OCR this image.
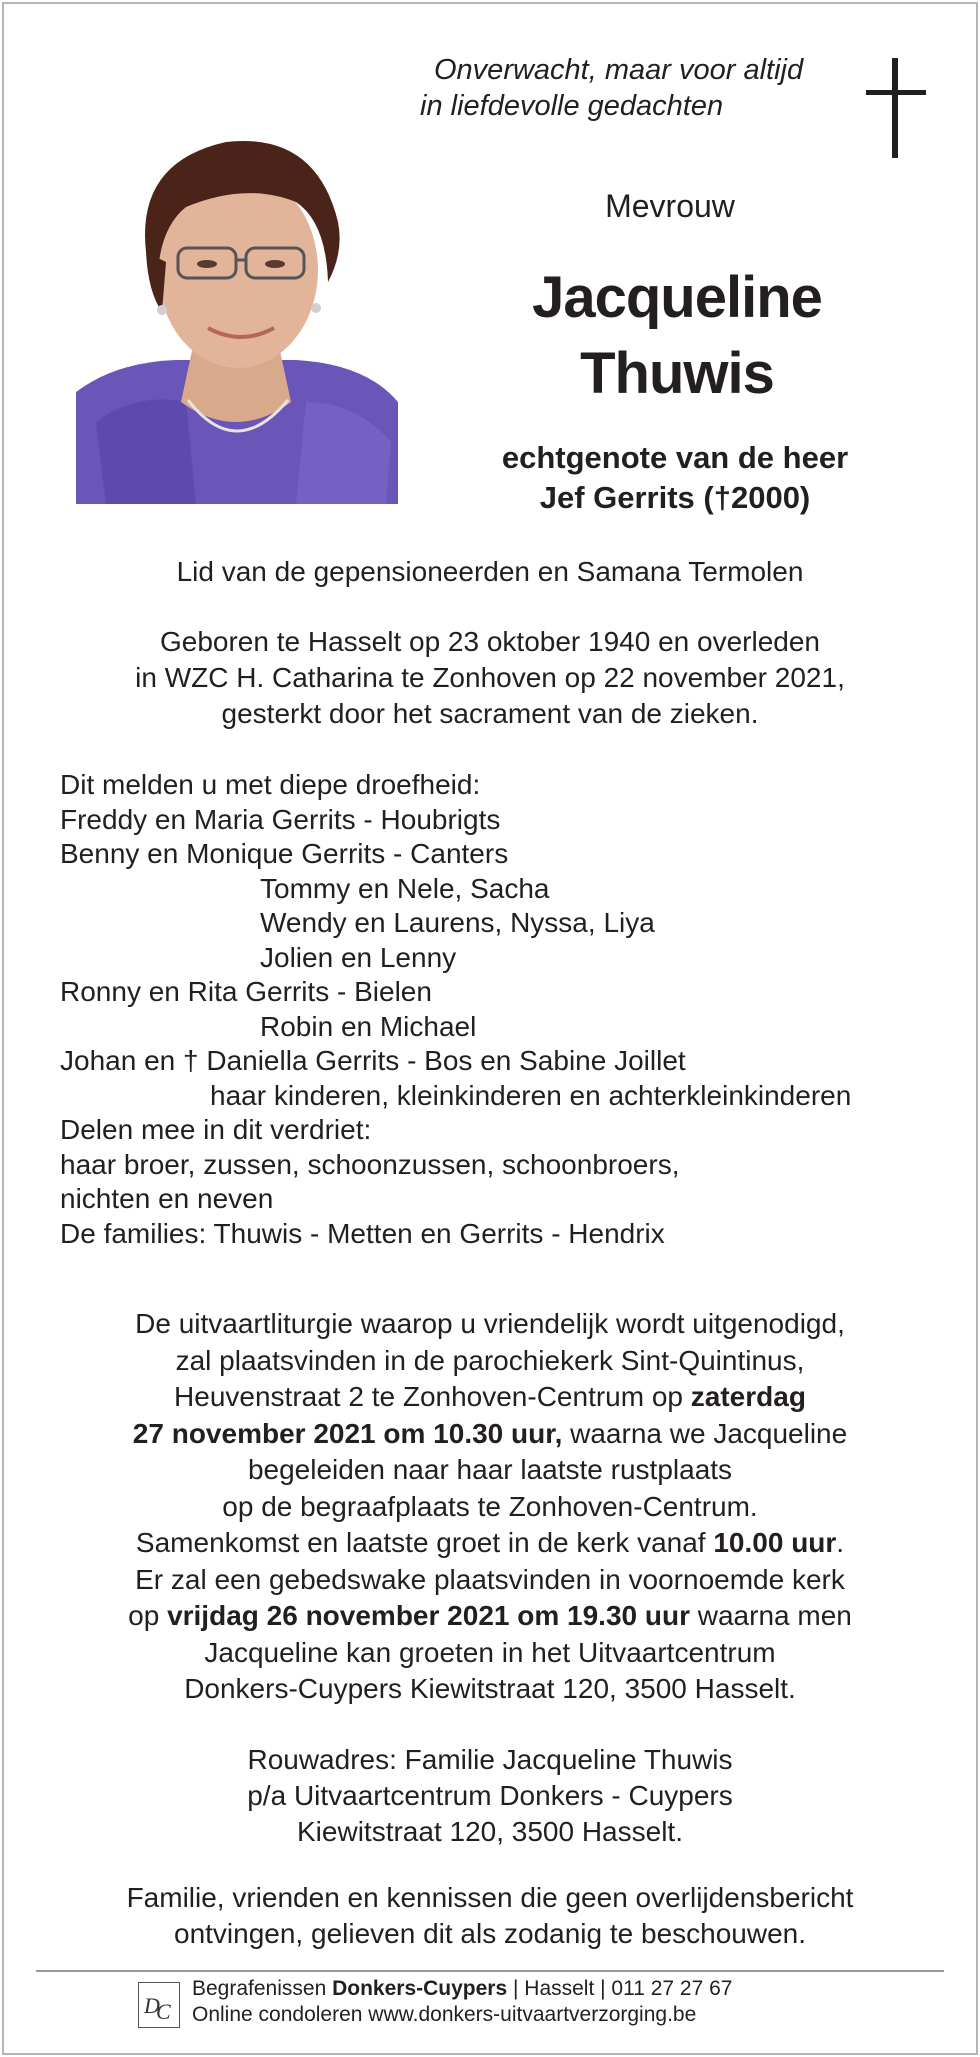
Onverwacht, maar voor altijd
in liefdevolle gedachten
Mevrouw
Jacqueline
Thuwis
echtgenote van de heer
Jef Gerrits (†2000)
Lid van de gepensioneerden en Samana Termolen
Geboren te Hasselt op 23 oktober 1940 en overleden
in WZC H. Catharina te Zonhoven op 22 november 2021,
gesterkt door het sacrament van de zieken.
Dit melden u met diepe droefheid:
Freddy en Maria Gerrits - Houbrigts
Benny en Monique Gerrits - Canters
Tommy en Nele, Sacha
Wendy en Laurens, Nyssa, Liya
Jolien en Lenny
Ronny en Rita Gerrits - Bielen
Robin en Michael
Johan en † Daniella Gerrits - Bos en Sabine Joillet
haar kinderen, kleinkinderen en achterkleinkinderen
Delen mee in dit verdriet:
haar broer, zussen, schoonzussen, schoonbroers,
nichten en neven
De families: Thuwis - Metten en Gerrits - Hendrix
De uitvaartliturgie waarop u vriendelijk wordt uitgenodigd,
zal plaatsvinden in de parochiekerk Sint-Quintinus,
Heuvenstraat 2 te Zonhoven-Centrum op zaterdag
27 november 2021 om 10.30 uur, waarna we Jacqueline
begeleiden naar haar laatste rustplaats
op de begraafplaats te Zonhoven-Centrum.
Samenkomst en laatste groet in de kerk vanaf 10.00 uur.
Er zal een gebedswake plaatsvinden in voornoemde kerk
op vrijdag 26 november 2021 om 19.30 uur waarna men
Jacqueline kan groeten in het Uitvaartcentrum
Donkers-Cuypers Kiewitstraat 120, 3500 Hasselt.
Rouwadres: Familie Jacqueline Thuwis
p/a Uitvaartcentrum Donkers - Cuypers
Kiewitstraat 120, 3500 Hasselt.
Familie, vrienden en kennissen die geen overlijdensbericht
ontvingen, gelieven dit als zodanig te beschouwen.
D
C
Begrafenissen Donkers-Cuypers | Hasselt | 011 27 27 67
Online condoleren www.donkers-uitvaartverzorging.be
